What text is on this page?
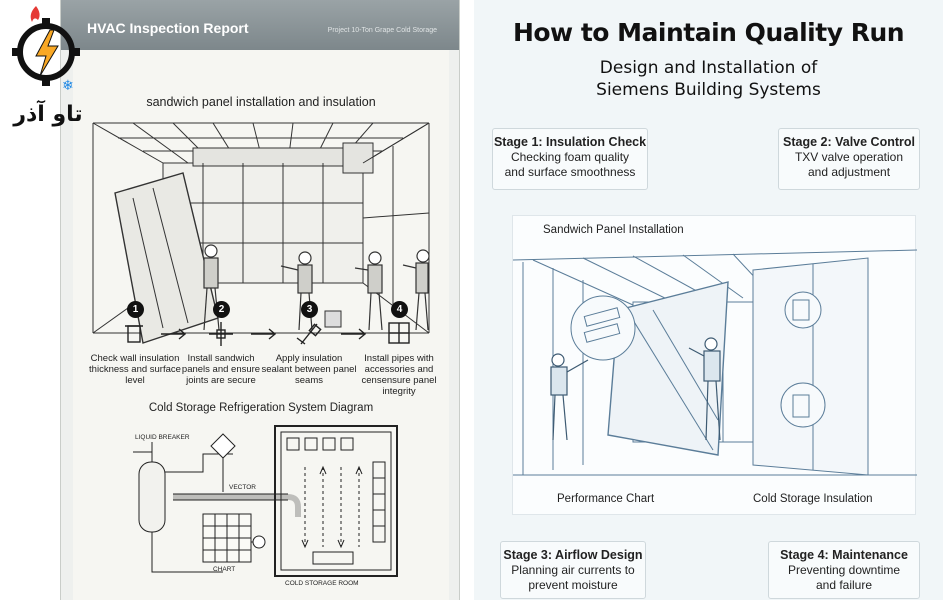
HVAC Inspection Report	Project 10-Ton Grape Cold Storage
sandwich panel installation and insulation
1	2	3	4
Check wall insulation thickness and surface level
Install sandwich panels and ensure joints are secure
Apply insulation sealant between panel seams
Install pipes with accessories and censensure panel integrity
Cold Storage Refrigeration System Diagram
LIQUID BREAKER
VECTOR
CHART
COLD STORAGE ROOM
❄
تاو آذر
How to Maintain Quality Run
Design and Installation of
Siemens Building Systems
Stage 1: Insulation Check
Checking foam quality
and surface smoothness
Stage 2: Valve Control
TXV valve operation
and adjustment
Sandwich Panel Installation
Performance Chart	Cold Storage Insulation
Stage 3: Airflow Design
Planning air currents to
prevent moisture
Stage 4: Maintenance
Preventing downtime
and failure
